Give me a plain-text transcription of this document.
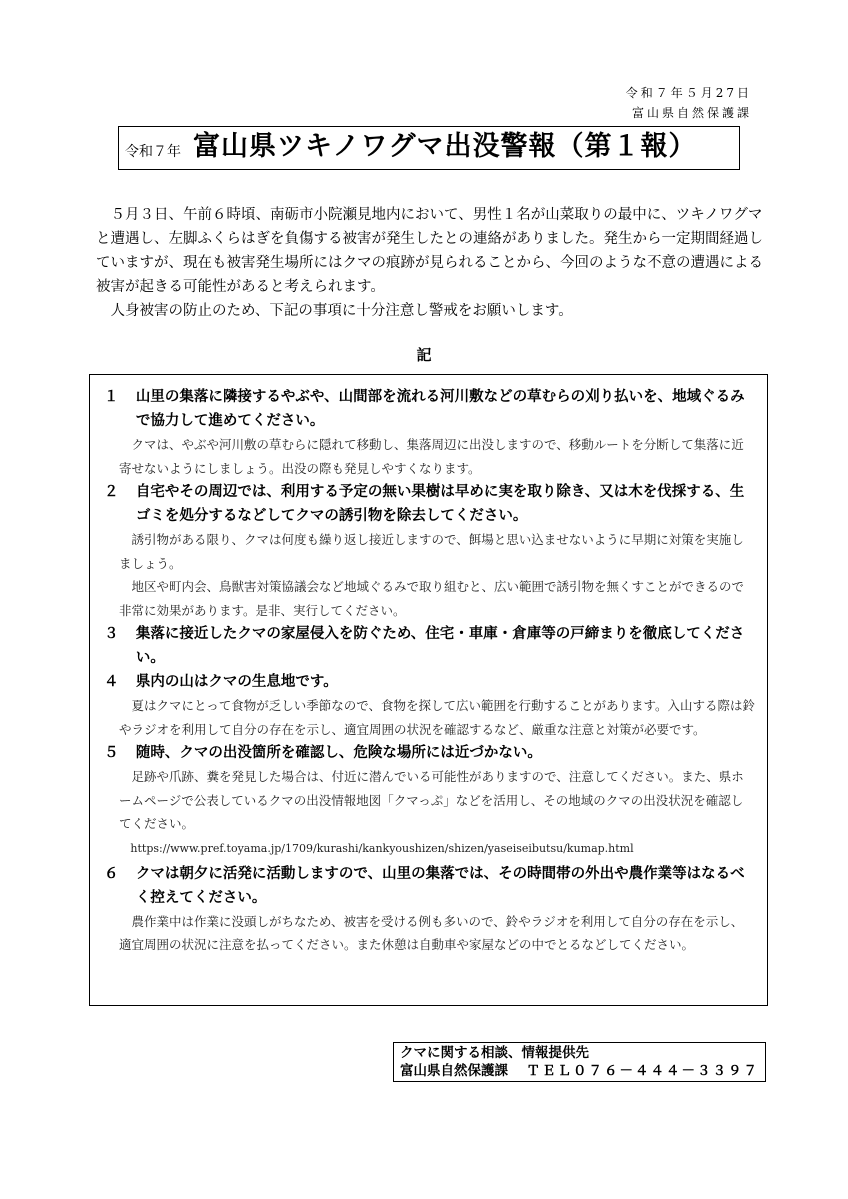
令和７年５月27日
富山県自然保護課
令和７年 富山県ツキノワグマ出没警報（第１報）

５月３日、午前６時頃、南砺市小院瀬見地内において、男性１名が山菜取りの最中に、ツキノワグマと遭遇し、左脚ふくらはぎを負傷する被害が発生したとの連絡がありました。発生から一定期間経過していますが、現在も被害発生場所にはクマの痕跡が見られることから、今回のような不意の遭遇による被害が起きる可能性があると考えられます。

人身被害の防止のため、下記の事項に十分注意し警戒をお願いします。

記
１ 山里の集落に隣接するやぶや、山間部を流れる河川敷などの草むらの刈り払いを、地域ぐるみで協力して進めてください。

クマは、やぶや河川敷の草むらに隠れて移動し、集落周辺に出没しますので、移動ルートを分断して集落に近寄せないようにしましょう。出没の際も発見しやすくなります。

２ 自宅やその周辺では、利用する予定の無い果樹は早めに実を取り除き、又は木を伐採する、生ゴミを処分するなどしてクマの誘引物を除去してください。

誘引物がある限り、クマは何度も繰り返し接近しますので、餌場と思い込ませないように早期に対策を実施しましょう。

地区や町内会、鳥獣害対策協議会など地域ぐるみで取り組むと、広い範囲で誘引物を無くすことができるので非常に効果があります。是非、実行してください。

３ 集落に接近したクマの家屋侵入を防ぐため、住宅・車庫・倉庫等の戸締まりを徹底してください。
４ 県内の山はクマの生息地です。

夏はクマにとって食物が乏しい季節なので、食物を探して広い範囲を行動することがあります。入山する際は鈴やラジオを利用して自分の存在を示し、適宜周囲の状況を確認するなど、厳重な注意と対策が必要です。

５ 随時、クマの出没箇所を確認し、危険な場所には近づかない。

足跡や爪跡、糞を発見した場合は、付近に潜んでいる可能性がありますので、注意してください。また、県ホームページで公表しているクマの出没情報地図「クマっぷ」などを活用し、その地域のクマの出没状況を確認してください。

https://www.pref.toyama.jp/1709/kurashi/kankyoushizen/shizen/yaseiseibutsu/kumap.html
６ クマは朝夕に活発に活動しますので、山里の集落では、その時間帯の外出や農作業等はなるべく控えてください。

農作業中は作業に没頭しがちなため、被害を受ける例も多いので、鈴やラジオを利用して自分の存在を示し、適宜周囲の状況に注意を払ってください。また休憩は自動車や家屋などの中でとるなどしてください。

クマに関する相談、情報提供先
富山県自然保護課 ＴＥＬ０７６－４４４－３３９７
